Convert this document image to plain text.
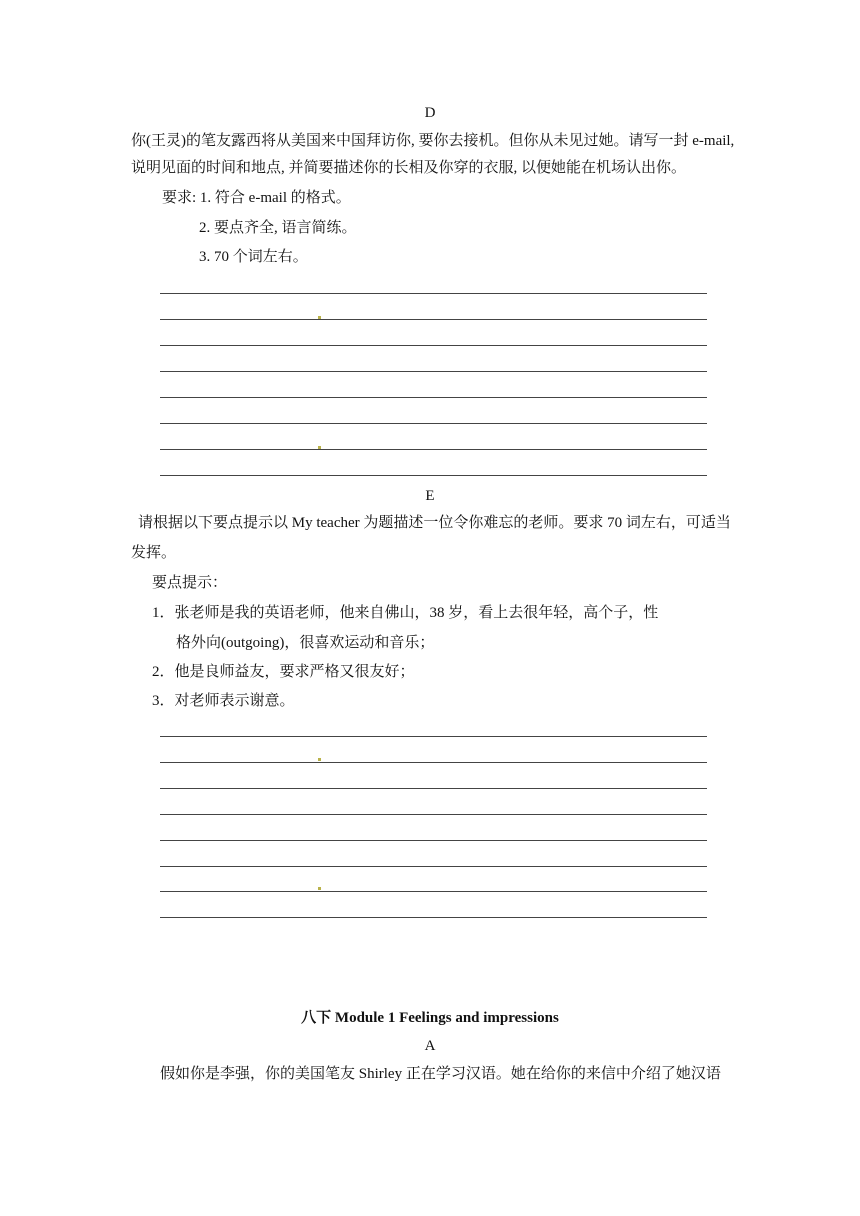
D
你(王灵)的笔友露西将从美国来中国拜访你, 要你去接机。但你从未见过她。请写一封 e-mail,
说明见面的时间和地点, 并简要描述你的长相及你穿的衣服, 以便她能在机场认出你。
要求: 1. 符合 e-mail 的格式。
2. 要点齐全, 语言简练。
3. 70 个词左右。
E
请根据以下要点提示以 My teacher 为题描述一位令你难忘的老师。要求 70 词左右，可适当
发挥。
要点提示：
1．张老师是我的英语老师，他来自佛山，38 岁，看上去很年轻，高个子，性
格外向(outgoing)，很喜欢运动和音乐；
2．他是良师益友，要求严格又很友好；
3．对老师表示谢意。
八下 Module 1 Feelings and impressions
A
假如你是李强，你的美国笔友 Shirley 正在学习汉语。她在给你的来信中介绍了她汉语
